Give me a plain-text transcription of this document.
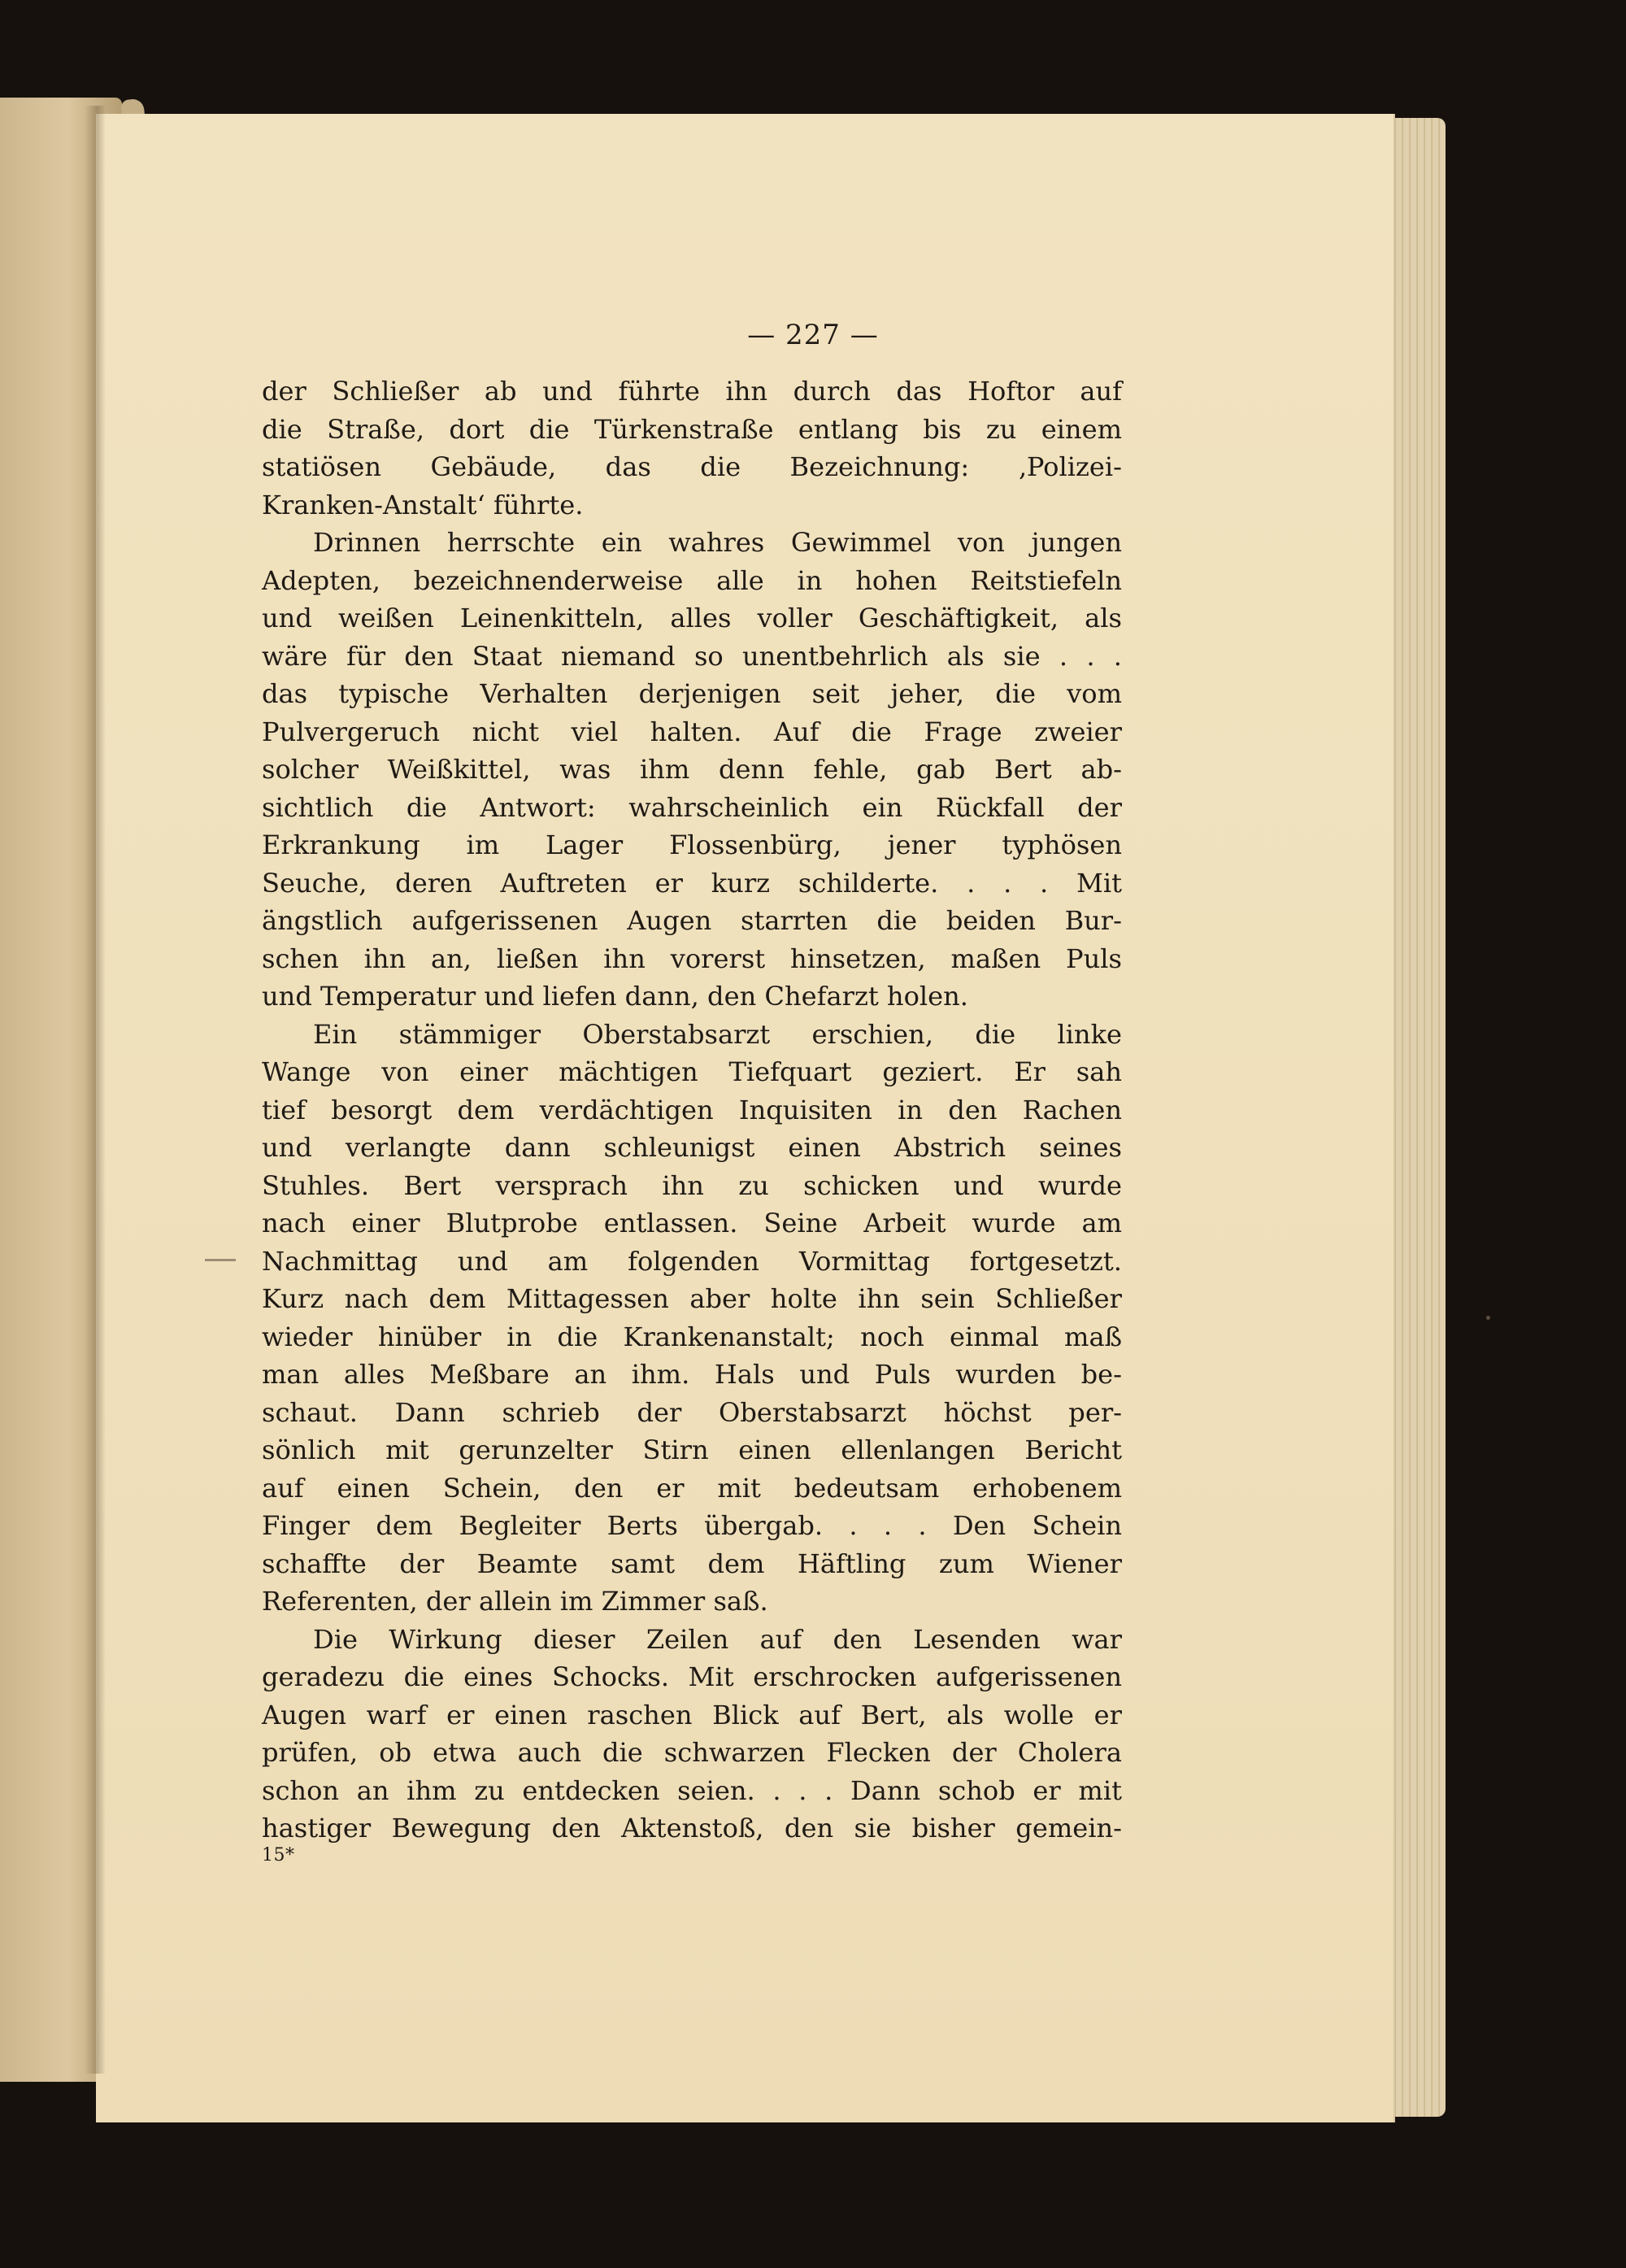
— 227 —
der Schließer ab und führte ihn durch das Hoftor auf
die Straße, dort die Türkenstraße entlang bis zu einem
statiösen Gebäude, das die Bezeichnung: ‚Polizei-
Kranken-Anstalt‘ führte.
Drinnen herrschte ein wahres Gewimmel von jungen
Adepten, bezeichnenderweise alle in hohen Reitstiefeln
und weißen Leinenkitteln, alles voller Geschäftigkeit, als
wäre für den Staat niemand so unentbehrlich als sie . . .
das typische Verhalten derjenigen seit jeher, die vom
Pulvergeruch nicht viel halten. Auf die Frage zweier
solcher Weißkittel, was ihm denn fehle, gab Bert ab-
sichtlich die Antwort: wahrscheinlich ein Rückfall der
Erkrankung im Lager Flossenbürg, jener typhösen
Seuche, deren Auftreten er kurz schilderte. . . . Mit
ängstlich aufgerissenen Augen starrten die beiden Bur-
schen ihn an, ließen ihn vorerst hinsetzen, maßen Puls
und Temperatur und liefen dann, den Chefarzt holen.
Ein stämmiger Oberstabsarzt erschien, die linke
Wange von einer mächtigen Tiefquart geziert. Er sah
tief besorgt dem verdächtigen Inquisiten in den Rachen
und verlangte dann schleunigst einen Abstrich seines
Stuhles. Bert versprach ihn zu schicken und wurde
nach einer Blutprobe entlassen. Seine Arbeit wurde am
Nachmittag und am folgenden Vormittag fortgesetzt.
Kurz nach dem Mittagessen aber holte ihn sein Schließer
wieder hinüber in die Krankenanstalt; noch einmal maß
man alles Meßbare an ihm. Hals und Puls wurden be-
schaut. Dann schrieb der Oberstabsarzt höchst per-
sönlich mit gerunzelter Stirn einen ellenlangen Bericht
auf einen Schein, den er mit bedeutsam erhobenem
Finger dem Begleiter Berts übergab. . . . Den Schein
schaffte der Beamte samt dem Häftling zum Wiener
Referenten, der allein im Zimmer saß.
Die Wirkung dieser Zeilen auf den Lesenden war
geradezu die eines Schocks. Mit erschrocken aufgerissenen
Augen warf er einen raschen Blick auf Bert, als wolle er
prüfen, ob etwa auch die schwarzen Flecken der Cholera
schon an ihm zu entdecken seien. . . . Dann schob er mit
hastiger Bewegung den Aktenstoß, den sie bisher gemein-
15*
